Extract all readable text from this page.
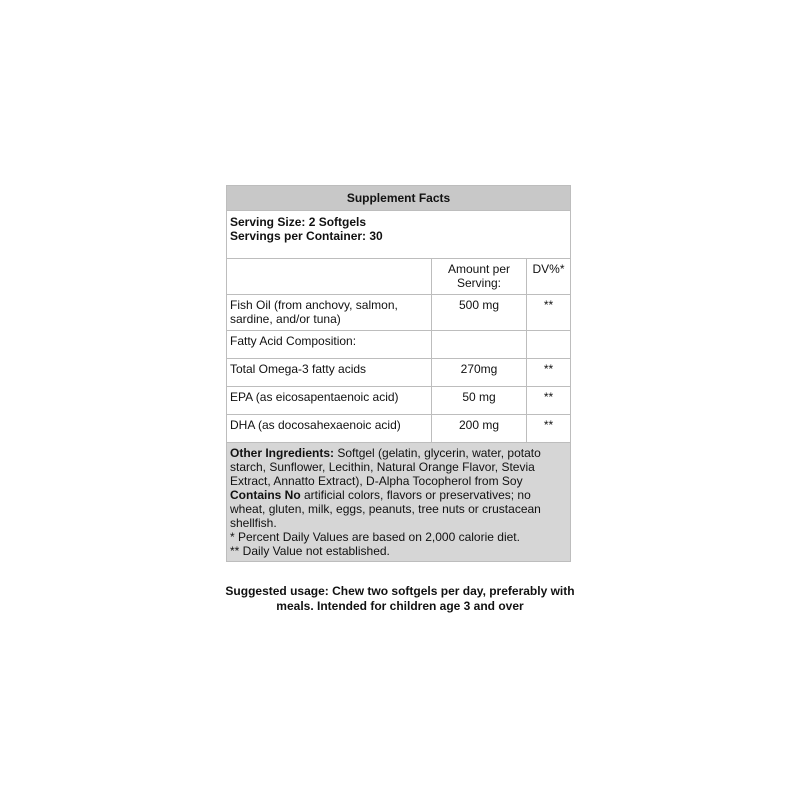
Supplement Facts
Serving Size: 2 Softgels
Servings per Container: 30
	Amount per Serving:	DV%*
Fish Oil (from anchovy, salmon, sardine, and/or tuna)	500 mg	**
Fatty Acid Composition:		
Total Omega-3 fatty acids	270mg	**
EPA (as eicosapentaenoic acid)	50 mg	**
DHA (as docosahexaenoic acid)	200 mg	**
Other Ingredients: Softgel (gelatin, glycerin, water, potato starch, Sunflower, Lecithin, Natural Orange Flavor, Stevia Extract, Annatto Extract), D-Alpha Tocopherol from Soy
Contains No artificial colors, flavors or preservatives; no wheat, gluten, milk, eggs, peanuts, tree nuts or crustacean shellfish.
* Percent Daily Values are based on 2,000 calorie diet.
** Daily Value not established.
Suggested usage: Chew two softgels per day, preferably with meals. Intended for children age 3 and over
